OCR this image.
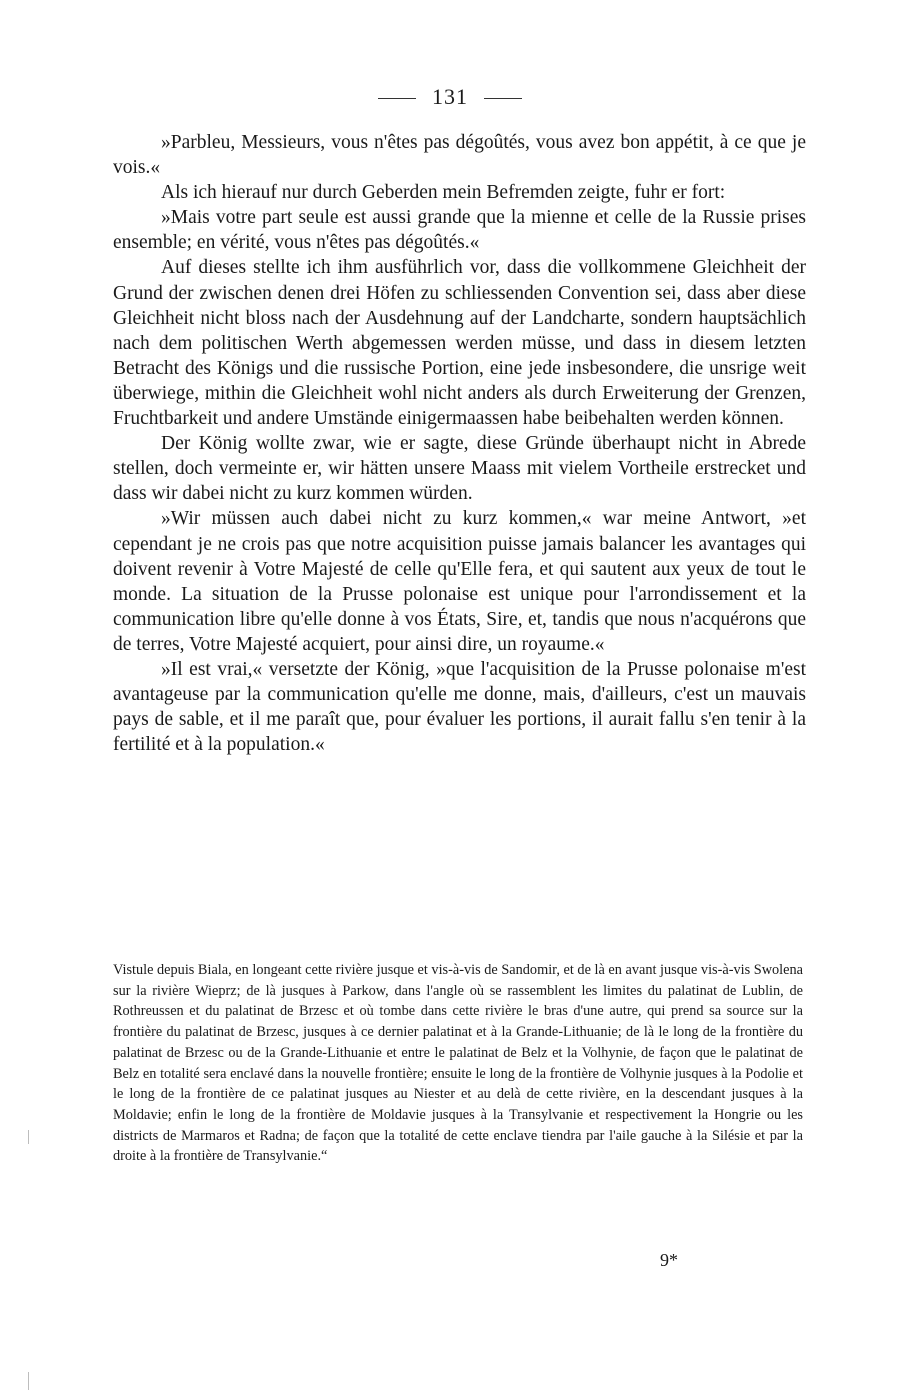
131

»Parbleu, Messieurs, vous n'êtes pas dégoûtés, vous avez bon appétit, à ce que je vois.«

Als ich hierauf nur durch Geberden mein Befremden zeigte, fuhr er fort:

»Mais votre part seule est aussi grande que la mienne et celle de la Russie prises ensemble; en vérité, vous n'êtes pas dégoûtés.«

Auf dieses stellte ich ihm ausführlich vor, dass die vollkommene Gleichheit der Grund der zwischen denen drei Höfen zu schliessenden Convention sei, dass aber diese Gleichheit nicht bloss nach der Ausdehnung auf der Landcharte, sondern hauptsächlich nach dem politischen Werth abgemessen werden müsse, und dass in diesem letzten Betracht des Königs und die russische Portion, eine jede insbesondere, die unsrige weit überwiege, mithin die Gleichheit wohl nicht anders als durch Erweiterung der Grenzen, Fruchtbarkeit und andere Umstände einigermaassen habe beibehalten werden können.

Der König wollte zwar, wie er sagte, diese Gründe überhaupt nicht in Abrede stellen, doch vermeinte er, wir hätten unsere Maass mit vielem Vortheile erstrecket und dass wir dabei nicht zu kurz kommen würden.

»Wir müssen auch dabei nicht zu kurz kommen,« war meine Antwort, »et cependant je ne crois pas que notre acquisition puisse jamais balancer les avantages qui doivent revenir à Votre Majesté de celle qu'Elle fera, et qui sautent aux yeux de tout le monde. La situation de la Prusse polonaise est unique pour l'arrondissement et la communication libre qu'elle donne à vos États, Sire, et, tandis que nous n'acquérons que de terres, Votre Majesté acquiert, pour ainsi dire, un royaume.«

»Il est vrai,« versetzte der König, »que l'acquisition de la Prusse polonaise m'est avantageuse par la communication qu'elle me donne, mais, d'ailleurs, c'est un mauvais pays de sable, et il me paraît que, pour évaluer les portions, il aurait fallu s'en tenir à la fertilité et à la population.«

Vistule depuis Biala, en longeant cette rivière jusque et vis-à-vis de Sandomir, et de là en avant jusque vis-à-vis Swolena sur la rivière Wieprz; de là jusques à Parkow, dans l'angle où se rassemblent les limites du palatinat de Lublin, de Rothreussen et du palatinat de Brzesc et où tombe dans cette rivière le bras d'une autre, qui prend sa source sur la frontière du palatinat de Brzesc, jusques à ce dernier palatinat et à la Grande-Lithuanie; de là le long de la frontière du palatinat de Brzesc ou de la Grande-Lithuanie et entre le palatinat de Belz et la Volhynie, de façon que le palatinat de Belz en totalité sera enclavé dans la nouvelle frontière; ensuite le long de la frontière de Volhynie jusques à la Podolie et le long de la frontière de ce palatinat jusques au Niester et au delà de cette rivière, en la descendant jusques à la Moldavie; enfin le long de la frontière de Moldavie jusques à la Transylvanie et respectivement la Hongrie ou les districts de Marmaros et Radna; de façon que la totalité de cette enclave tiendra par l'aile gauche à la Silésie et par la droite à la frontière de Transylvanie.“

9*
